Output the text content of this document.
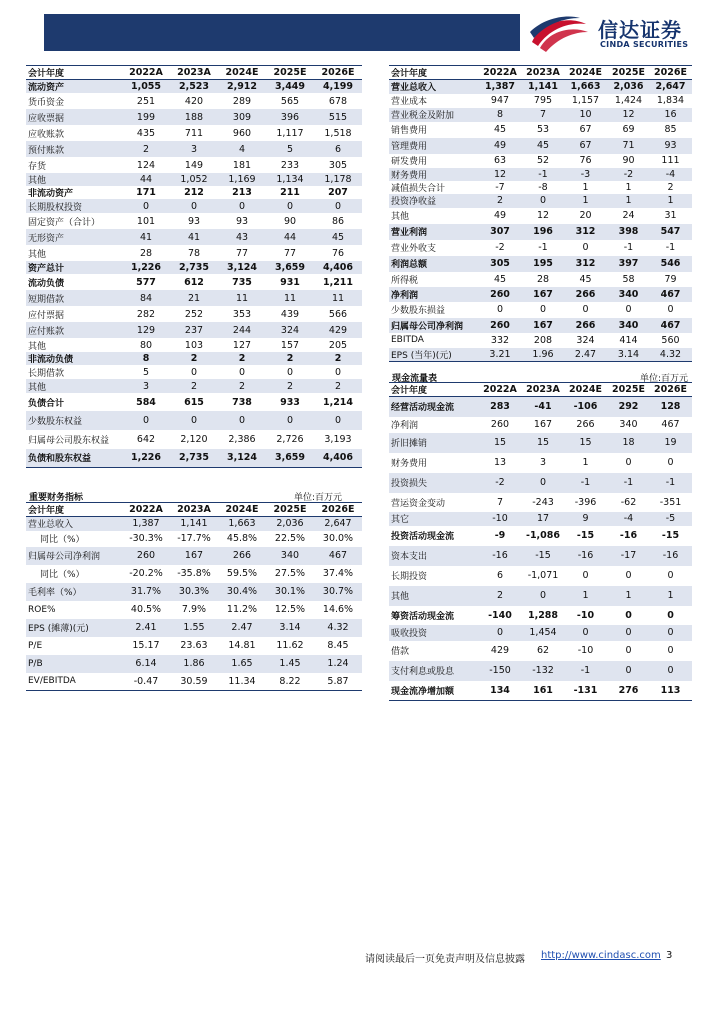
信达证券
CINDA SECURITIES
会计年度	2022A	2023A	2024E	2025E	2026E
流动资产	1,055	2,523	2,912	3,449	4,199
货币资金	251	420	289	565	678
应收票据	199	188	309	396	515
应收账款	435	711	960	1,117	1,518
预付账款	2	3	4	5	6
存货	124	149	181	233	305
其他	44	1,052	1,169	1,134	1,178
非流动资产	171	212	213	211	207
长期股权投资	0	0	0	0	0
固定资产（合计）	101	93	93	90	86
无形资产	41	41	43	44	45
其他	28	78	77	77	76
资产总计	1,226	2,735	3,124	3,659	4,406
流动负债	577	612	735	931	1,211
短期借款	84	21	11	11	11
应付票据	282	252	353	439	566
应付账款	129	237	244	324	429
其他	80	103	127	157	205
非流动负债	8	2	2	2	2
长期借款	5	0	0	0	0
其他	3	2	2	2	2
负债合计	584	615	738	933	1,214
少数股东权益	0	0	0	0	0
归属母公司股东权益	642	2,120	2,386	2,726	3,193
负债和股东权益	1,226	2,735	3,124	3,659	4,406
会计年度	2022A	2023A	2024E	2025E	2026E
营业总收入	1,387	1,141	1,663	2,036	2,647
营业成本	947	795	1,157	1,424	1,834
营业税金及附加	8	7	10	12	16
销售费用	45	53	67	69	85
管理费用	49	45	67	71	93
研发费用	63	52	76	90	111
财务费用	12	-1	-3	-2	-4
减值损失合计	-7	-8	1	1	2
投资净收益	2	0	1	1	1
其他	49	12	20	24	31
营业利润	307	196	312	398	547
营业外收支	-2	-1	0	-1	-1
利润总额	305	195	312	397	546
所得税	45	28	45	58	79
净利润	260	167	266	340	467
少数股东损益	0	0	0	0	0
归属母公司净利润	260	167	266	340	467
EBITDA	332	208	324	414	560
EPS (当年)(元)	3.21	1.96	2.47	3.14	4.32
重要财务指标	单位:百万元
会计年度	2022A	2023A	2024E	2025E	2026E
营业总收入	1,387	1,141	1,663	2,036	2,647
同比（%）	-30.3%	-17.7%	45.8%	22.5%	30.0%
归属母公司净利润	260	167	266	340	467
同比（%）	-20.2%	-35.8%	59.5%	27.5%	37.4%
毛利率（%）	31.7%	30.3%	30.4%	30.1%	30.7%
ROE%	40.5%	7.9%	11.2%	12.5%	14.6%
EPS (摊薄)(元)	2.41	1.55	2.47	3.14	4.32
P/E	15.17	23.63	14.81	11.62	8.45
P/B	6.14	1.86	1.65	1.45	1.24
EV/EBITDA	-0.47	30.59	11.34	8.22	5.87
现金流量表	单位:百万元
会计年度	2022A	2023A	2024E	2025E	2026E
经营活动现金流	283	-41	-106	292	128
净利润	260	167	266	340	467
折旧摊销	15	15	15	18	19
财务费用	13	3	1	0	0
投资损失	-2	0	-1	-1	-1
营运资金变动	7	-243	-396	-62	-351
其它	-10	17	9	-4	-5
投资活动现金流	-9	-1,086	-15	-16	-15
资本支出	-16	-15	-16	-17	-16
长期投资	6	-1,071	0	0	0
其他	2	0	1	1	1
筹资活动现金流	-140	1,288	-10	0	0
吸收投资	0	1,454	0	0	0
借款	429	62	-10	0	0
支付利息或股息	-150	-132	-1	0	0
现金流净增加额	134	161	-131	276	113
请阅读最后一页免责声明及信息披露 http://www.cindasc.com 3
